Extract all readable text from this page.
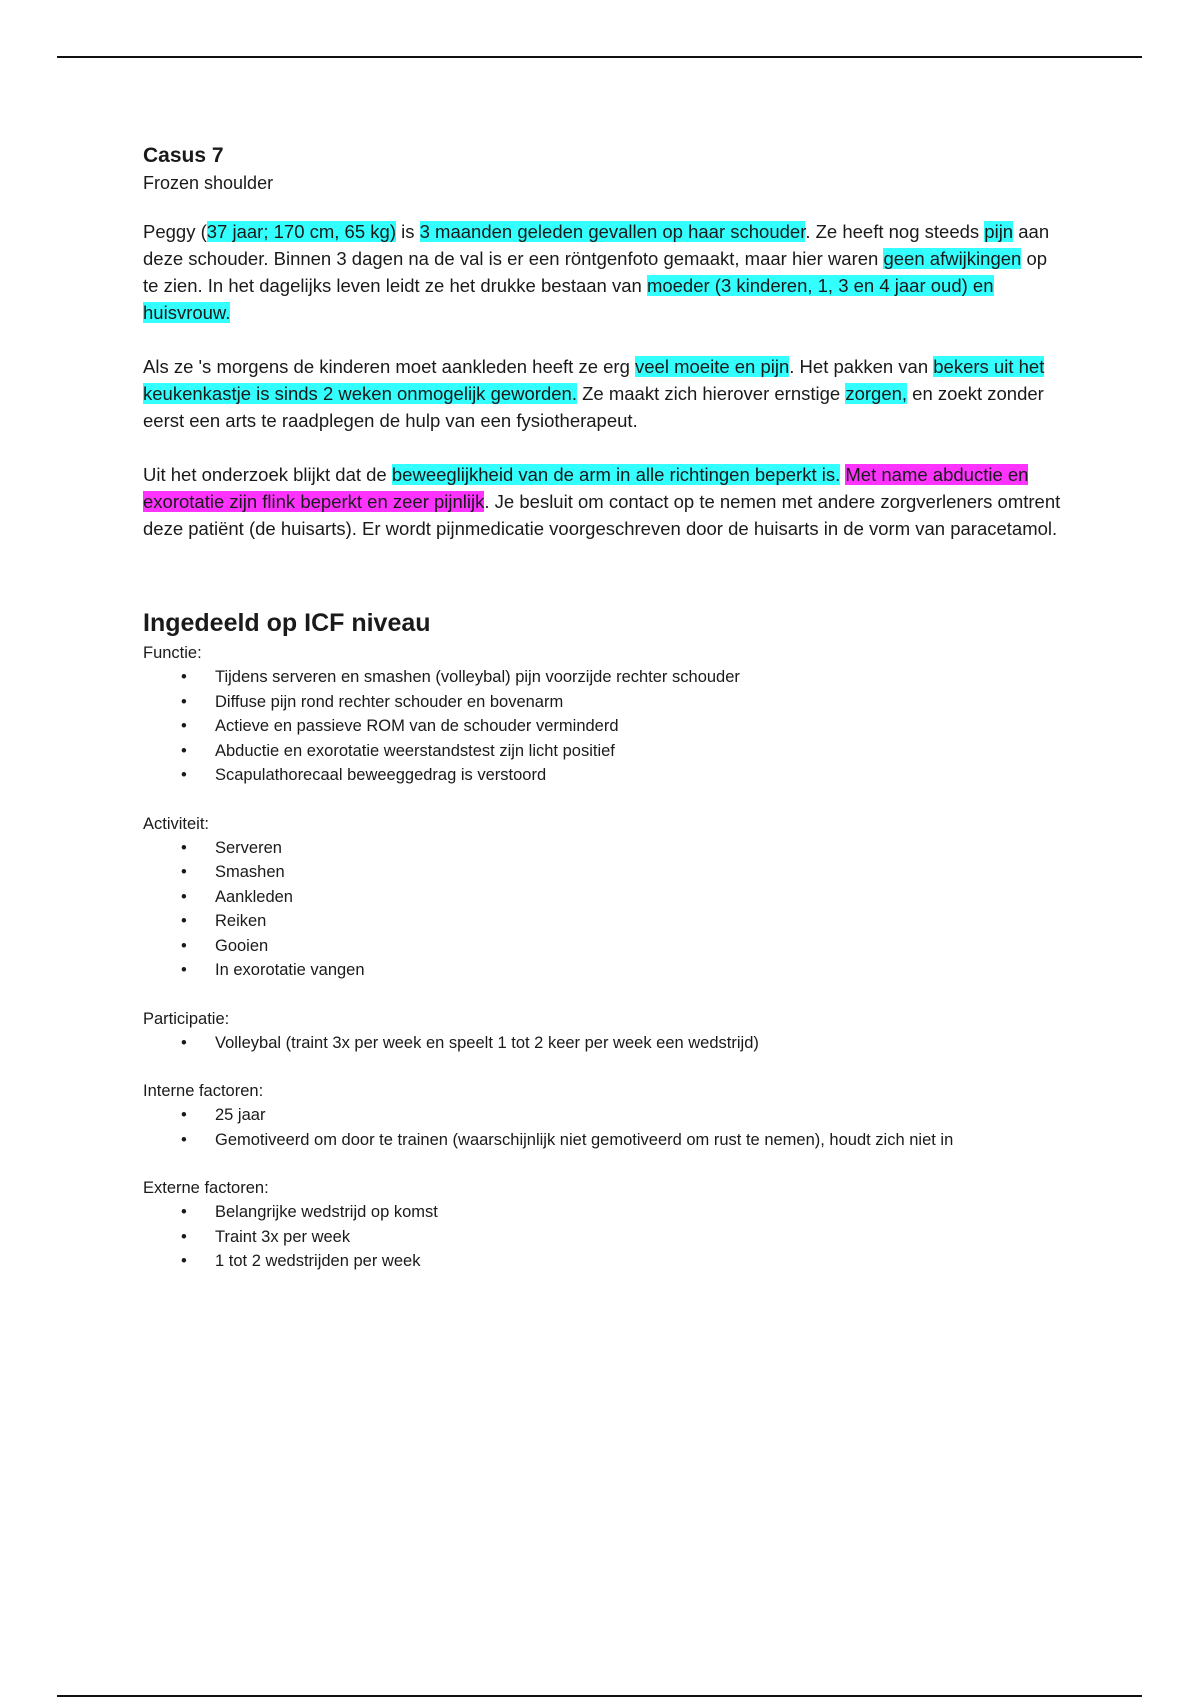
Casus 7

Frozen shoulder

Peggy (37 jaar; 170 cm, 65 kg) is 3 maanden geleden gevallen op haar schouder. Ze heeft nog steeds pijn aan deze schouder. Binnen 3 dagen na de val is er een röntgenfoto gemaakt, maar hier waren geen afwijkingen op te zien. In het dagelijks leven leidt ze het drukke bestaan van moeder (3 kinderen, 1, 3 en 4 jaar oud) en huisvrouw.

Als ze 's morgens de kinderen moet aankleden heeft ze erg veel moeite en pijn. Het pakken van bekers uit het keukenkastje is sinds 2 weken onmogelijk geworden. Ze maakt zich hierover ernstige zorgen, en zoekt zonder eerst een arts te raadplegen de hulp van een fysiotherapeut.

Uit het onderzoek blijkt dat de beweeglijkheid van de arm in alle richtingen beperkt is. Met name abductie en exorotatie zijn flink beperkt en zeer pijnlijk. Je besluit om contact op te nemen met andere zorgverleners omtrent deze patiënt (de huisarts). Er wordt pijnmedicatie voorgeschreven door de huisarts in de vorm van paracetamol.

Ingedeeld op ICF niveau

Functie:

• Tijdens serveren en smashen (volleybal) pijn voorzijde rechter schouder
• Diffuse pijn rond rechter schouder en bovenarm
• Actieve en passieve ROM van de schouder verminderd
• Abductie en exorotatie weerstandstest zijn licht positief
• Scapulathorecaal beweeggedrag is verstoord

Activiteit:

• Serveren
• Smashen
• Aankleden
• Reiken
• Gooien
• In exorotatie vangen

Participatie:

• Volleybal (traint 3x per week en speelt 1 tot 2 keer per week een wedstrijd)

Interne factoren:

• 25 jaar
• Gemotiveerd om door te trainen (waarschijnlijk niet gemotiveerd om rust te nemen), houdt zich niet in

Externe factoren:

• Belangrijke wedstrijd op komst
• Traint 3x per week
• 1 tot 2 wedstrijden per week
